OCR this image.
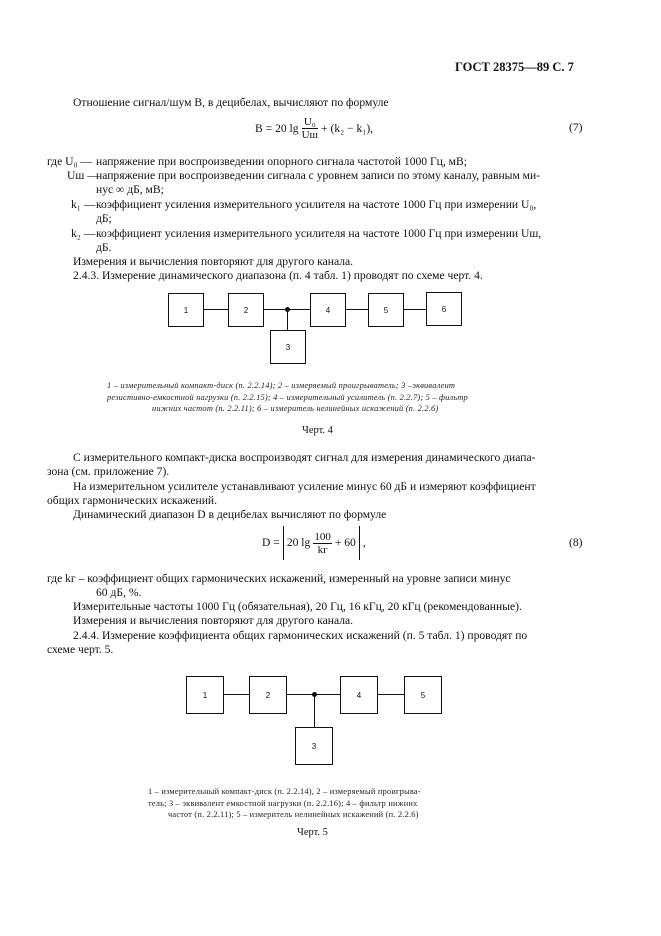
ГОСТ 28375—89 С. 7
Отношение сигнал/шум B, в децибелах, вычисляют по формуле
B = 20 $\lg \frac{\text{U₀}}{Uш} + (k_2 - k_1)$,	(7)
где U₀ — напряжение при воспроизведении опорного сигнала частотой 1000 Гц, мВ;
Uш —
напряжение при воспроизведении сигнала с уровнем записи по этому каналу, равным ми-
нус ∞ дБ, мВ;
k₁ — коэффициент усиления измерительного усилителя на частоте 1000 Гц при измерении U₀,
дБ;
k₂ — коэффициент усиления измерительного усилителя на частоте 1000 Гц при измерении Uш,
дБ.
Измерения и вычисления повторяют для другого канала.
2.4.3. Измерение динамического диапазона (п. 4 табл. 1) проводят по схеме черт. 4.
1	2	4	5	6
3
1 – измерительный компакт-диск (п. 2.2.14); 2 – измеряемый проигрыватель; 3 –эквивалент
резистивно-емкостной нагрузки (п. 2.2.15); 4 – измерительный усилитель (п. 2.2.7); 5 – фильтр
нижних частот (п. 2.2.11); 6 – измеритель нелинейных искажений (п. 2.2.6)
Черт. 4
С измерительного компакт-диска воспроизводят сигнал для измерения динамического диапа-
зона (см. приложение 7).
На измерительном усилителе устанавливают усиление минус 60 дБ и измеряют коэффициент
общих гармонических искажений.
Динамический диапазон D в децибелах вычисляют по формуле
D = 20 $\lg \frac{100}{kг} + 60$ ,	(8)
где kг – коэффициент общих гармонических искажений, измеренный на уровне записи минус
60 дБ, %.
Измерительные частоты 1000 Гц (обязательная), 20 Гц, 16 кГц, 20 кГц (рекомендованные).
Измерения и вычисления повторяют для другого канала.
2.4.4. Измерение коэффициента общих гармонических искажений (п. 5 табл. 1) проводят по
схеме черт. 5.
1	2	4	5
3
1 – измерительный компакт-диск (п. 2.2.14), 2 – измеряемый проигрыва-
тель; 3 – эквивалент емкостной нагрузки (п. 2.2.16); 4 – фильтр нижних
частот (п. 2.2.11); 5 – измеритель нелинейных искажений (п. 2.2.6)
Черт. 5
